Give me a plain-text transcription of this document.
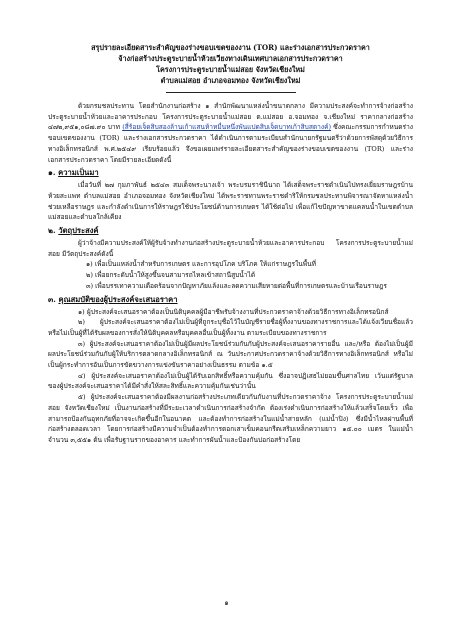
สรุปรายละเอียดสาระสำคัญของร่างขอบเขตของงาน (TOR) และร่างเอกสารประกวดราคา
จ้างก่อสร้างประตูระบายน้ำห้วยเวียงทางเดินเทศบาลเอกสารประกวดราคา
โครงการประตูระบายน้ำแม่สอย จังหวัดเชียงใหม่
ตำบลแม่สอย อำเภอจอมทอง จังหวัดเชียงใหม่

ด้วยกรมชลประทาน โดยสำนักงานก่อสร้าง ๑ สำนักพัฒนาแหล่งน้ำขนาดกลาง มีความประสงค์จะทำการจ้างก่อสร้างประตูระบายน้ำห้วยและอาคารประกอบ โครงการประตูระบายน้ำแม่สอย ต.แม่สอย อ.จอมทอง จ.เชียงใหม่ ราคากลางก่อสร้าง ๔๗๒,๙๕๑,๐๘๗.๙๐ บาท (สี่ร้อยเจ็ดสิบสองล้านเก้าแสนห้าหมื่นหนึ่งพันแปดสิบเจ็ดบาทเก้าสิบสตางค์) ซึ่งคณะกรรมการกำหนดร่างขอบเขตของงาน (TOR) และร่างเอกสารประกวดราคา ได้ดำเนินการตามระเบียบสำนักนายกรัฐมนตรีว่าด้วยการพัสดุด้วยวิธีการทางอิเล็กทรอนิกส์ พ.ศ.๒๕๔๙ เรียบร้อยแล้ว จึงขอเผยแพร่รายละเอียดสาระสำคัญของร่างขอบเขตของงาน (TOR) และร่างเอกสารประกวดราคา โดยมีรายละเอียดดังนี้

๑. ความเป็นมา

เมื่อวันที่ ๒๗ กุมภาพันธ์ ๒๕๔๓ สมเด็จพระนางเจ้า พระบรมราชินีนาถ ได้เสด็จพระราชดำเนินไปทรงเยี่ยมราษฎรบ้านห้วยสะแพท ตำบลแม่สอย อำเภอจอมทอง จังหวัดเชียงใหม่ ได้พระราชทานพระราชดำริให้กรมชลประทานพิจารณาจัดหาแหล่งน้ำช่วยเหลือราษฎร และกำลังดำเนินการให้ราษฎรใช้ประโยชน์ด้านการเกษตร ได้ใช้ต่อไป เพื่อแก้ไขปัญหาขาดแคลนน้ำในเขตตำบลแม่สอยและตำบลใกล้เคียง

๒. วัตถุประสงค์

ผู้ว่าจ้างมีความประสงค์ให้ผู้รับจ้างทำงานก่อสร้างประตูระบายน้ำห้วยและอาคารประกอบ โครงการประตูระบายน้ำแม่สอย มีวัตถุประสงค์ดังนี้

๑) เพื่อเป็นแหล่งน้ำสำหรับการเกษตร และการอุปโภค บริโภค ให้แก่ราษฎรในพื้นที่

๒) เพื่อยกระดับน้ำให้สูงขึ้นจนสามารถไหลเข้าสถานีสูบน้ำได้

๓) เพื่อบรรเทาความเดือดร้อนจากปัญหาภัยแล้งและลดความเสียหายต่อพื้นที่การเกษตรและบ้านเรือนราษฎร

๓. คุณสมบัติของผู้ประสงค์จะเสนอราคา

๑) ผู้ประสงค์จะเสนอราคาต้องเป็นนิติบุคคลผู้มีอาชีพรับจ้างงานที่ประกวดราคาจ้างด้วยวิธีการทางอิเล็กทรอนิกส์

๒) ผู้ประสงค์จะเสนอราคาต้องไม่เป็นผู้ที่ถูกระบุชื่อไว้ในบัญชีรายชื่อผู้ทิ้งงานของทางราชการและได้แจ้งเวียนชื่อแล้ว หรือไม่เป็นผู้ที่ได้รับผลของการสั่งให้นิติบุคคลหรือบุคคลอื่นเป็นผู้ทิ้งงาน ตามระเบียบของทางราชการ

๓) ผู้ประสงค์จะเสนอราคาต้องไม่เป็นผู้มีผลประโยชน์ร่วมกันกับผู้ประสงค์จะเสนอราคารายอื่น และ/หรือ ต้องไม่เป็นผู้มีผลประโยชน์ร่วมกันกับผู้ให้บริการตลาดกลางอิเล็กทรอนิกส์ ณ วันประกาศประกวดราคาจ้างด้วยวิธีการทางอิเล็กทรอนิกส์ หรือไม่เป็นผู้กระทำการอันเป็นการขัดขวางการแข่งขันราคาอย่างเป็นธรรม ตามข้อ ๑.๕

๔) ผู้ประสงค์จะเสนอราคาต้องไม่เป็นผู้ได้รับเอกสิทธิ์หรือความคุ้มกัน ซึ่งอาจปฏิเสธไม่ยอมขึ้นศาลไทย เว้นแต่รัฐบาลของผู้ประสงค์จะเสนอราคาได้มีคำสั่งให้สละสิทธิ์และความคุ้มกันเช่นว่านั้น

๕) ผู้ประสงค์จะเสนอราคาต้องมีผลงานก่อสร้างประเภทเดียวกันกับงานที่ประกวดราคาจ้าง โครงการประตูระบายน้ำแม่สอย จังหวัดเชียงใหม่ เป็นงานก่อสร้างที่มีระยะเวลาดำเนินการก่อสร้างจำกัด ต้องเร่งดำเนินการก่อสร้างให้แล้วเสร็จโดยเร็ว เพื่อสามารถป้องกันอุทกภัยที่อาจจะเกิดขึ้นอีกในอนาคต และต้องทำการก่อสร้างในแม่น้ำสายหลัก (แม่น้ำปิง) ซึ่งมีน้ำไหลผ่านพื้นที่ก่อสร้างตลอดเวลา โดยการก่อสร้างมีความจำเป็นต้องทำการตอกเสาเข็มคอนกรีตเสริมเหล็กความยาว ๑๕.๐๐ เมตร ในแม่น้ำ จำนวน ๓,๕๕๑ ต้น เพื่อรับฐานรากของอาคาร และทำการผันน้ำและป้องกันบ่อก่อสร้างโดย

๑
